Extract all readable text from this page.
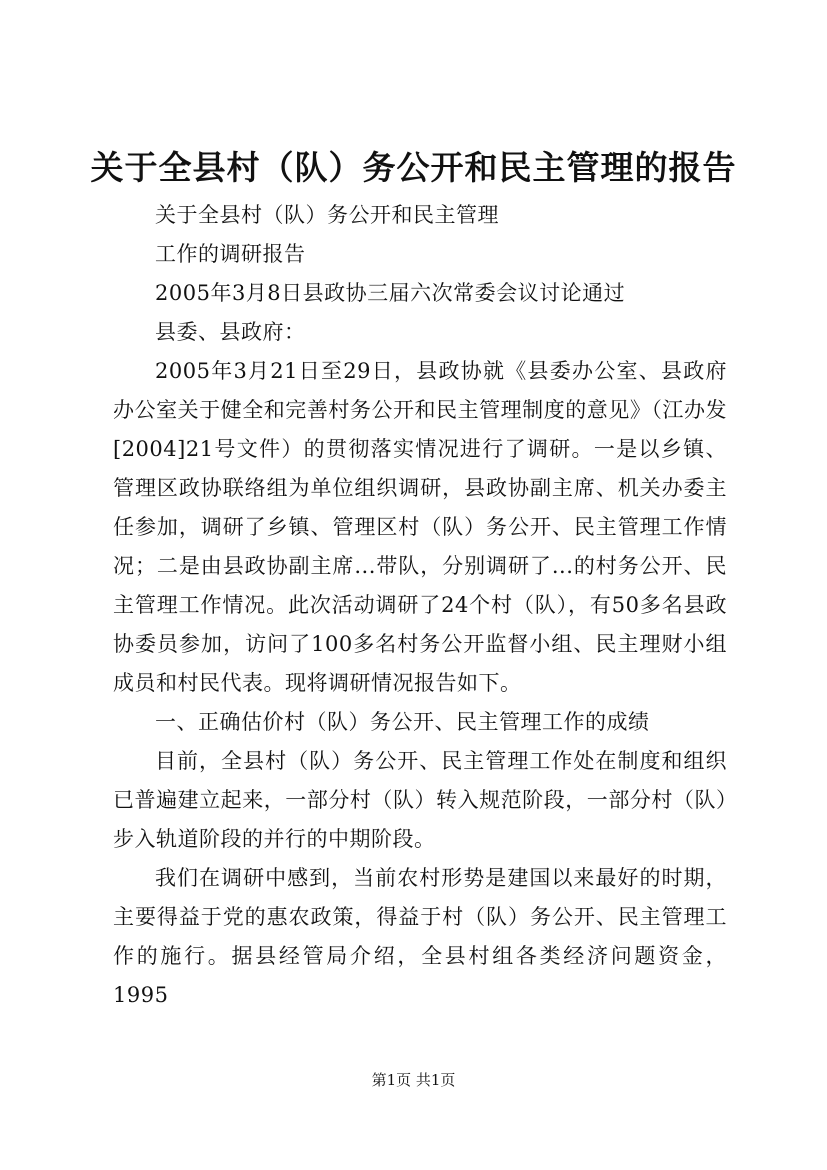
关于全县村（队）务公开和民主管理的报告

关于全县村（队）务公开和民主管理

工作的调研报告

2005年3月8日县政协三届六次常委会议讨论通过

县委、县政府：

2005年3月21日至29日，县政协就《县委办公室、县政府办公室关于健全和完善村务公开和民主管理制度的意见》（江办发[2004]21号文件）的贯彻落实情况进行了调研。一是以乡镇、管理区政协联络组为单位组织调研，县政协副主席、机关办委主任参加，调研了乡镇、管理区村（队）务公开、民主管理工作情况；二是由县政协副主席...带队，分别调研了...的村务公开、民主管理工作情况。此次活动调研了24个村（队），有50多名县政协委员参加，访问了100多名村务公开监督小组、民主理财小组成员和村民代表。现将调研情况报告如下。

一、正确估价村（队）务公开、民主管理工作的成绩

目前，全县村（队）务公开、民主管理工作处在制度和组织已普遍建立起来，一部分村（队）转入规范阶段，一部分村（队）步入轨道阶段的并行的中期阶段。

我们在调研中感到，当前农村形势是建国以来最好的时期，主要得益于党的惠农政策，得益于村（队）务公开、民主管理工作的施行。据县经管局介绍，全县村组各类经济问题资金，1995

第1页 共1页
